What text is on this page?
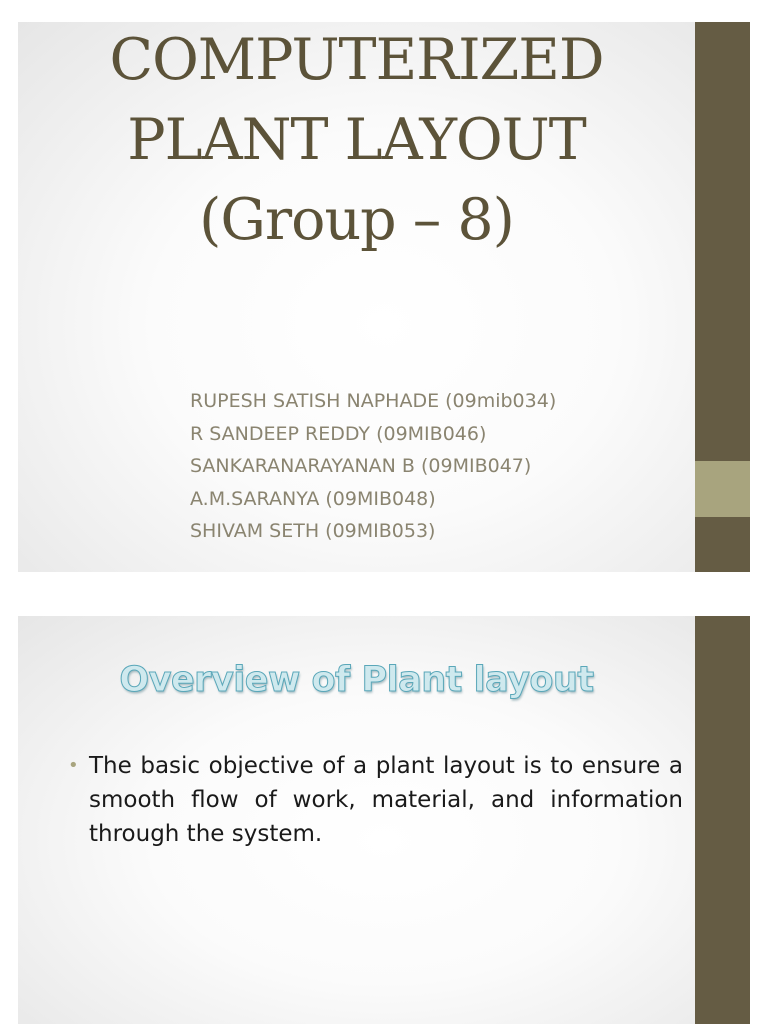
COMPUTERIZED
PLANT LAYOUT
(Group – 8)
RUPESH SATISH NAPHADE (09mib034)
R SANDEEP REDDY (09MIB046)
SANKARANARAYANAN B (09MIB047)
A.M.SARANYA (09MIB048)
SHIVAM SETH (09MIB053)
Overview of Plant layout
• The basic objective of a plant layout is to ensure a smooth flow of work, material, and information through the system.
